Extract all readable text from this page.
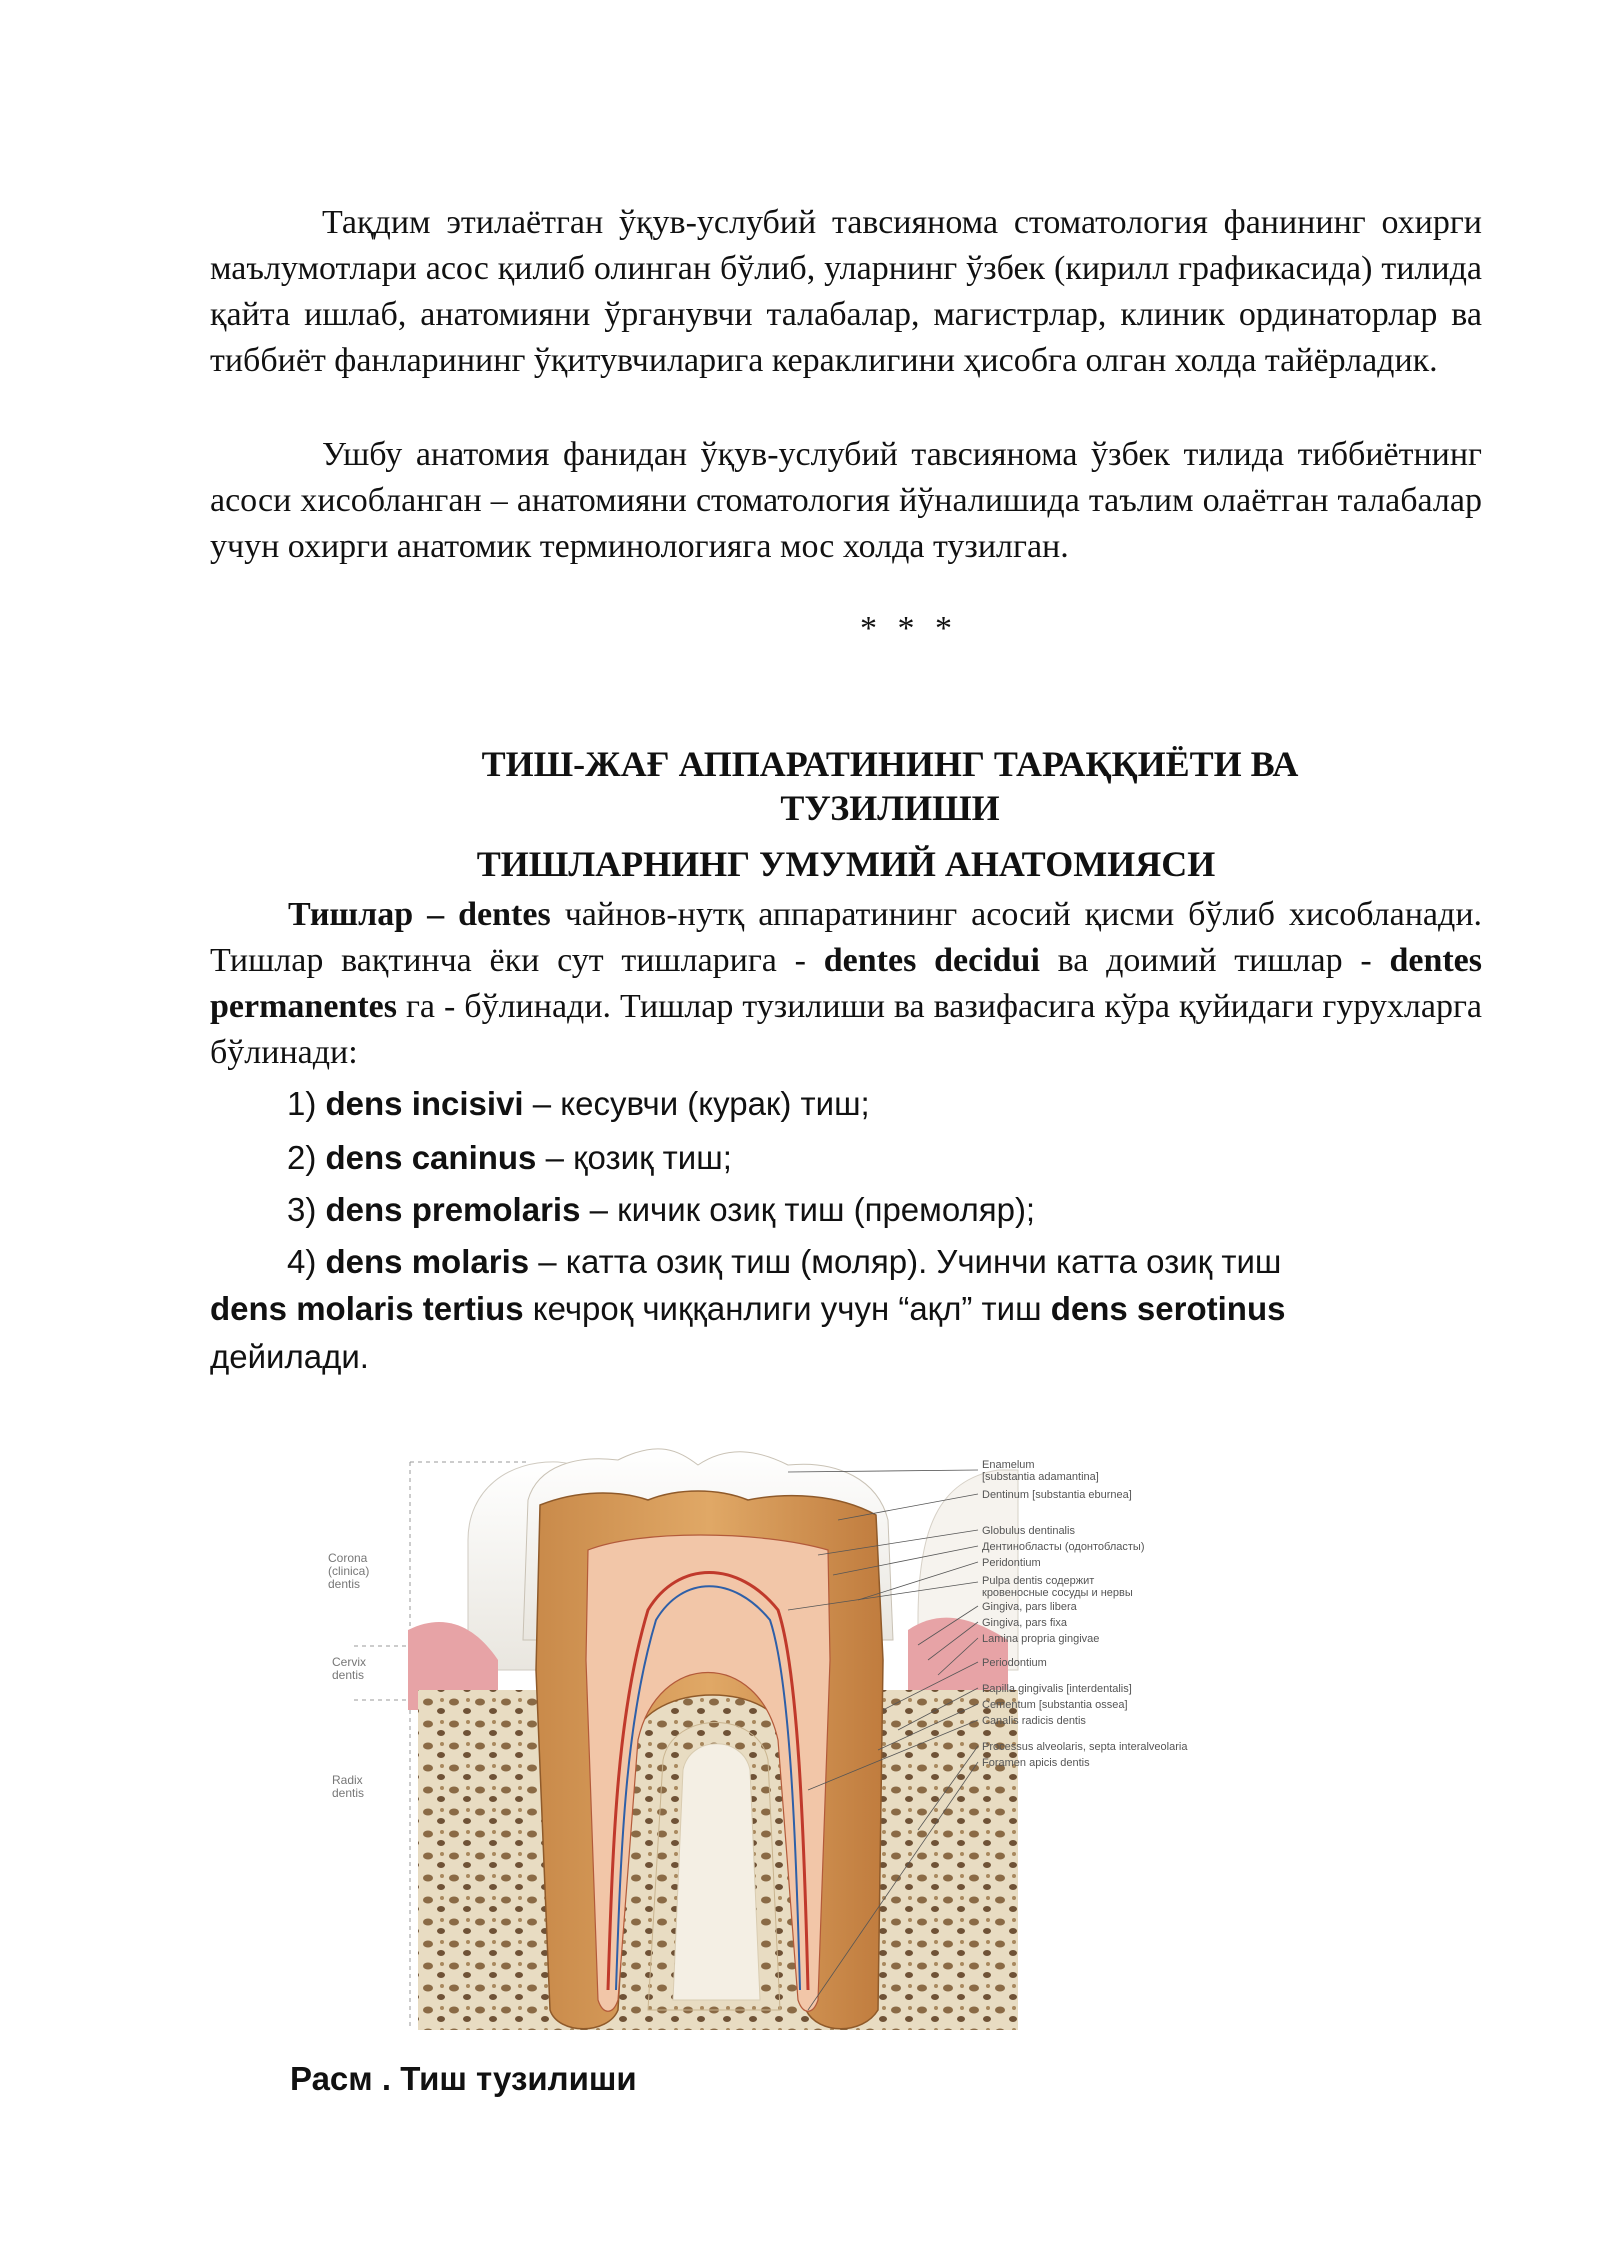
Тақдим этилаётган ўқув-услубий тавсиянома стоматология фанининг охирги маълумотлари асос қилиб олинган бўлиб, уларнинг ўзбек (кирилл графикасида) тилида қайта ишлаб, анатомияни ўрганувчи талабалар, магистрлар, клиник ординаторлар ва тиббиёт фанларининг ўқитувчиларига кераклигини ҳисобга олган холда тайёрладик.

Ушбу анатомия фанидан ўқув-услубий тавсиянома ўзбек тилида тиббиётнинг асоси хисобланган – анатомияни стоматология йўналишида таълим олаётган талабалар учун охирги анатомик терминологияга мос холда тузилган.

* * *

ТИШ-ЖАҒ АППАРАТИНИНГ ТАРАҚҚИЁТИ ВА
ТУЗИЛИШИ

ТИШЛАРНИНГ УМУМИЙ АНАТОМИЯСИ

Тишлар – dentes чайнов-нутқ аппаратининг асосий қисми бўлиб хисобланади. Тишлар вақтинча ёки сут тишларига - dentes decidui ва доимий тишлар - dentes permanentes га - бўлинади. Тишлар тузилиши ва вазифасига кўра қуйидаги гурухларга бўлинади:

1) dens incisivi – кесувчи (курак) тиш;

2) dens caninus – қозиқ тиш;

3) dens premolaris – кичик озиқ тиш (премоляр);

4) dens molaris – катта озиқ тиш (моляр). Учинчи катта озиқ тиш

dens molaris tertius кечроқ чиққанлиги учун “ақл” тиш dens serotinus

дейилади.

Corona (clinica) dentis
Cervix dentis
Radix dentis
Enamelum [substantia adamantina]
Dentinum [substantia eburnea]
Globulus dentinalis
Дентинобласты (одонтобласты)
Peridontium
Pulpa dentis содержит кровеносные сосуды и нервы
Gingiva, pars libera
Gingiva, pars fixa
Lamina propria gingivae
Periodontium
Papilla gingivalis [interdentalis]
Cementum [substantia ossea]
Canalis radicis dentis
Processus alveolaris, septa interalveolaria
Foramen apicis dentis
Расм . Тиш тузилиши
